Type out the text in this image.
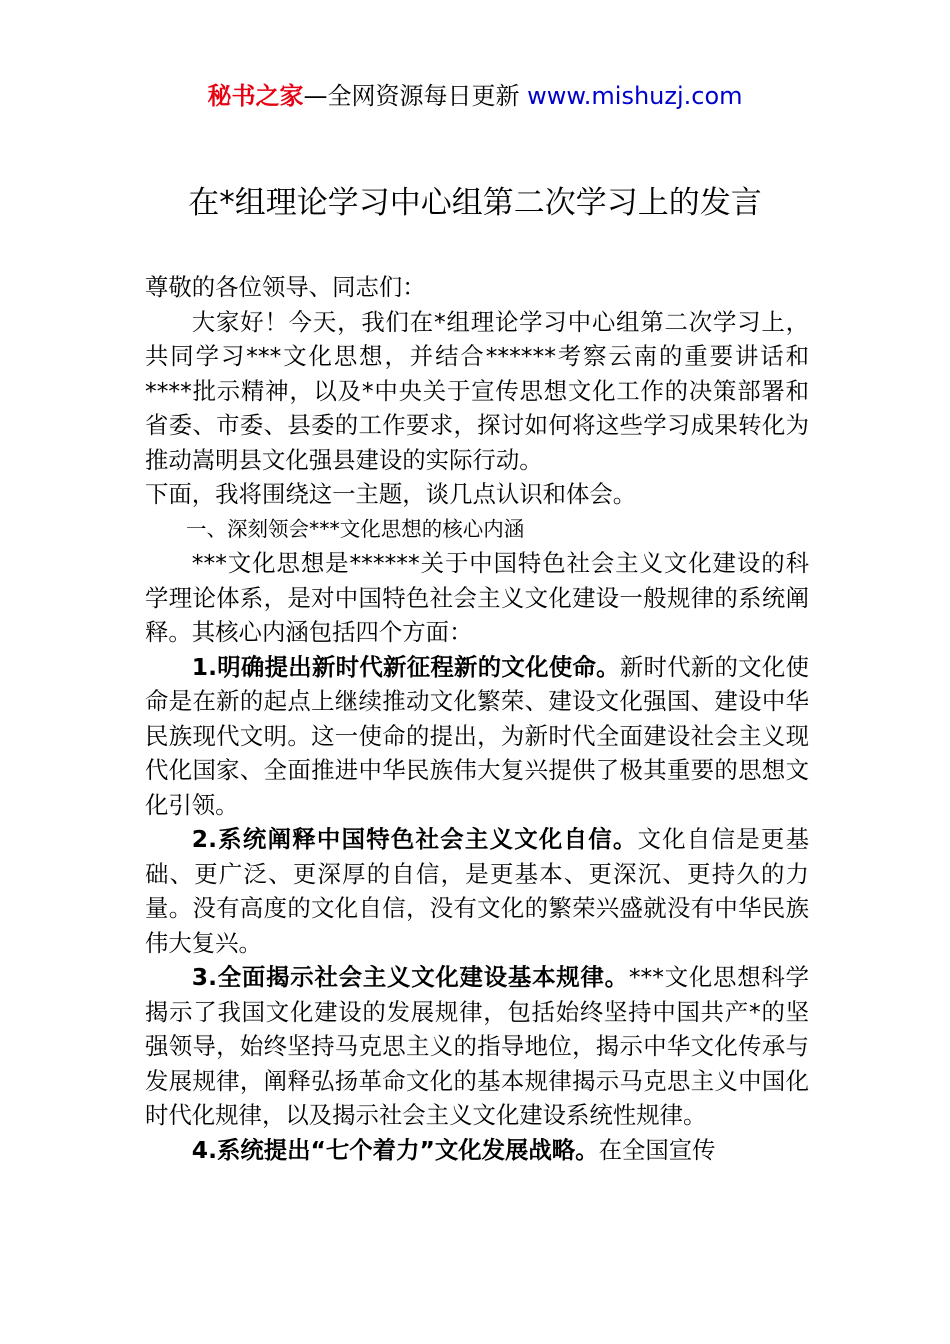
秘书之家—全网资源每日更新 www.mishuzj.com
在*组理论学习中心组第二次学习上的发言

尊敬的各位领导、同志们：

大家好！今天，我们在*组理论学习中心组第二次学习上，共同学习***文化思想，并结合******考察云南的重要讲话和****批示精神，以及*中央关于宣传思想文化工作的决策部署和省委、市委、县委的工作要求，探讨如何将这些学习成果转化为推动嵩明县文化强县建设的实际行动。

下面，我将围绕这一主题，谈几点认识和体会。

一、深刻领会***文化思想的核心内涵

***文化思想是******关于中国特色社会主义文化建设的科学理论体系，是对中国特色社会主义文化建设一般规律的系统阐释。其核心内涵包括四个方面：

1.明确提出新时代新征程新的文化使命。新时代新的文化使命是在新的起点上继续推动文化繁荣、建设文化强国、建设中华民族现代文明。这一使命的提出，为新时代全面建设社会主义现代化国家、全面推进中华民族伟大复兴提供了极其重要的思想文化引领。

2.系统阐释中国特色社会主义文化自信。文化自信是更基础、更广泛、更深厚的自信，是更基本、更深沉、更持久的力量。没有高度的文化自信，没有文化的繁荣兴盛就没有中华民族伟大复兴。

3.全面揭示社会主义文化建设基本规律。***文化思想科学揭示了我国文化建设的发展规律，包括始终坚持中国共产*的坚强领导，始终坚持马克思主义的指导地位，揭示中华文化传承与发展规律，阐释弘扬革命文化的基本规律揭示马克思主义中国化时代化规律，以及揭示社会主义文化建设系统性规律。

4.系统提出“七个着力”文化发展战略。在全国宣传
